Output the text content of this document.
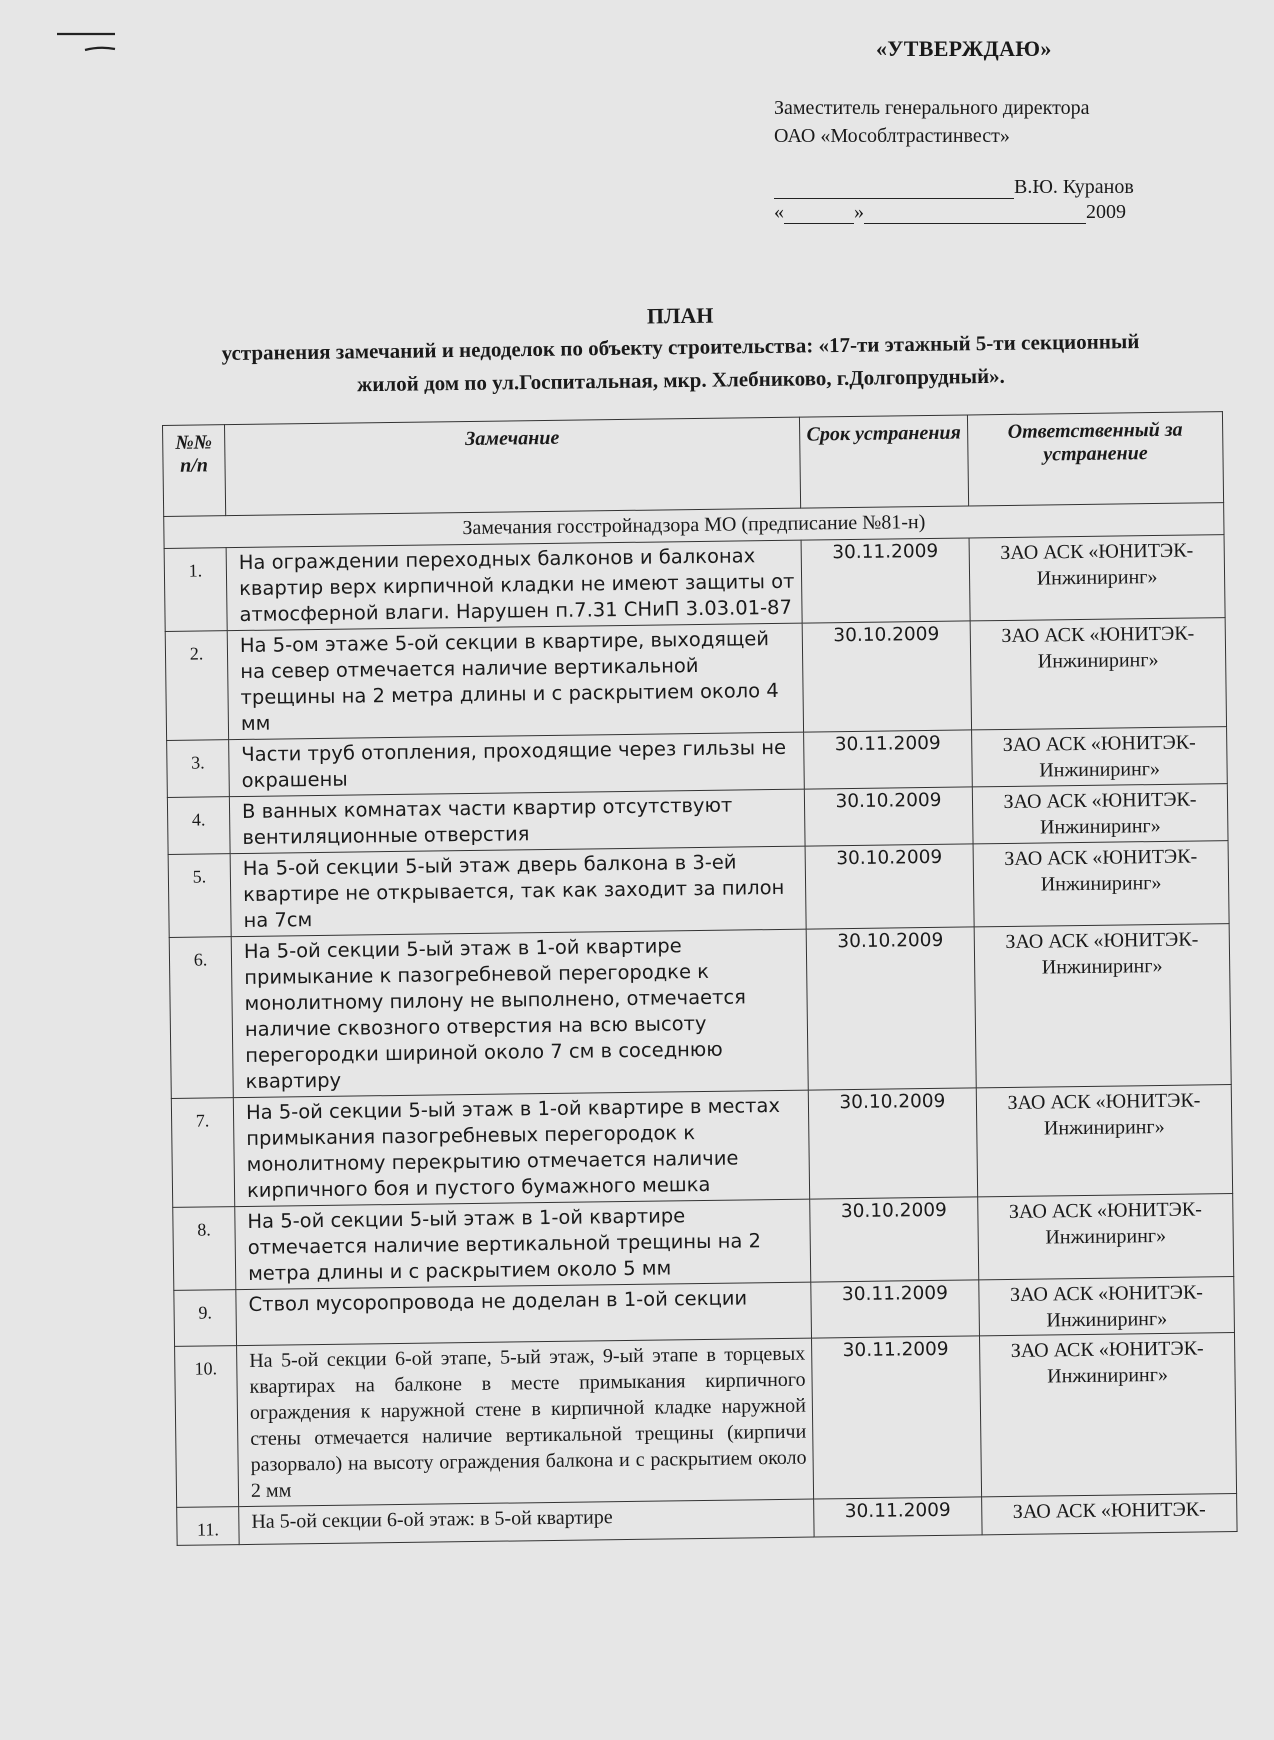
«УТВЕРЖДАЮ»
Заместитель генерального директора
ОАО «Мособлтрастинвест»
В.Ю. Куранов
«	»	2009
ПЛАН
устранения замечаний и недоделок по объекту строительства: «17-ти этажный 5-ти секционный
жилой дом по ул.Госпитальная, мкр. Хлебниково, г.Долгопрудный».
№№ п/п	Замечание	Срок устранения	Ответственный за устранение
Замечания госстройнадзора МО (предписание №81-н)			
1.	На ограждении переходных балконов и балконах квартир верх кирпичной кладки не имеют защиты от атмосферной влаги. Нарушен п.7.31 СНиП 3.03.01-87	30.11.2009	ЗАО АСК «ЮНИТЭК-Инжиниринг»
2.	На 5-ом этаже 5-ой секции в квартире, выходящей на север отмечается наличие вертикальной трещины на 2 метра длины и с раскрытием около 4 мм	30.10.2009	ЗАО АСК «ЮНИТЭК-Инжиниринг»
3.	Части труб отопления, проходящие через гильзы не окрашены	30.11.2009	ЗАО АСК «ЮНИТЭК-Инжиниринг»
4.	В ванных комнатах части квартир отсутствуют вентиляционные отверстия	30.10.2009	ЗАО АСК «ЮНИТЭК-Инжиниринг»
5.	На 5-ой секции 5-ый этаж дверь балкона в 3-ей квартире не открывается, так как заходит за пилон на 7см	30.10.2009	ЗАО АСК «ЮНИТЭК-Инжиниринг»
6.	На 5-ой секции 5-ый этаж в 1-ой квартире примыкание к пазогребневой перегородке к монолитному пилону не выполнено, отмечается наличие сквозного отверстия на всю высоту перегородки шириной около 7 см в соседнюю квартиру	30.10.2009	ЗАО АСК «ЮНИТЭК-Инжиниринг»
7.	На 5-ой секции 5-ый этаж в 1-ой квартире в местах примыкания пазогребневых перегородок к монолитному перекрытию отмечается наличие кирпичного боя и пустого бумажного мешка	30.10.2009	ЗАО АСК «ЮНИТЭК-Инжиниринг»
8.	На 5-ой секции 5-ый этаж в 1-ой квартире отмечается наличие вертикальной трещины на 2 метра длины и с раскрытием около 5 мм	30.10.2009	ЗАО АСК «ЮНИТЭК-Инжиниринг»
9.	Ствол мусоропровода не доделан в 1-ой секции	30.11.2009	ЗАО АСК «ЮНИТЭК-Инжиниринг»
10.	На 5-ой секции 6-ой этапе, 5-ый этаж, 9-ый этапе в торцевых квартирах на балконе в месте примыкания кирпичного ограждения к наружной стене в кирпичной кладке наружной стены отмечается наличие вертикальной трещины (кирпичи разорвало) на высоту ограждения балкона и с раскрытием около 2 мм	30.11.2009	ЗАО АСК «ЮНИТЭК-Инжиниринг»
11.	На 5-ой секции 6-ой этаж: в 5-ой квартире	30.11.2009	ЗАО АСК «ЮНИТЭК-
